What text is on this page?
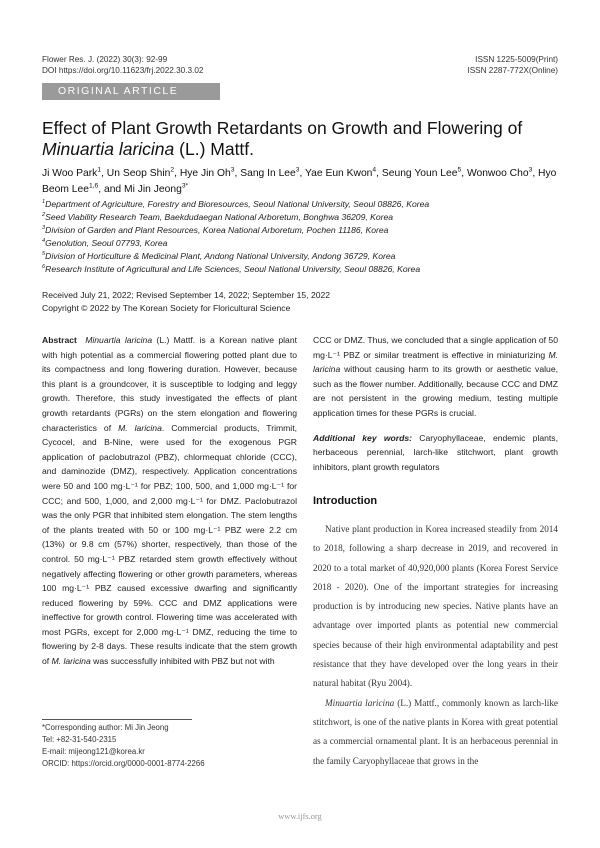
Flower Res. J. (2022) 30(3): 92-99
DOI https://doi.org/10.11623/frj.2022.30.3.02
ISSN 1225-5009(Print)
ISSN 2287-772X(Online)
ORIGINAL ARTICLE
Effect of Plant Growth Retardants on Growth and Flowering of
Minuartia laricina (L.) Mattf.
Ji Woo Park$^1$, Un Seop Shin$^2$, Hye Jin Oh$^3$, Sang In Lee$^3$, Yae Eun Kwon$^4$, Seung Youn Lee$^5$, Wonwoo Cho$^3$, Hyo Beom Lee$^{1,6}$, and Mi Jin Jeong$^{3*}$
$^1$Department of Agriculture, Forestry and Bioresources, Seoul National University, Seoul 08826, Korea
$^2$Seed Viability Research Team, Baekdudaegan National Arboretum, Bonghwa 36209, Korea
$^3$Division of Garden and Plant Resources, Korea National Arboretum, Pochen 11186, Korea
$^4$Genolution, Seoul 07793, Korea
$^5$Division of Horticulture & Medicinal Plant, Andong National University, Andong 36729, Korea
$^6$Research Institute of Agricultural and Life Sciences, Seoul National University, Seoul 08826, Korea
Received July 21, 2022; Revised September 14, 2022; September 15, 2022
Copyright © 2022 by The Korean Society for Floricultural Science
Abstract Minuartia laricina (L.) Mattf. is a Korean native plant with high potential as a commercial flowering potted plant due to its compactness and long flowering duration. However, because this plant is a groundcover, it is susceptible to lodging and leggy growth. Therefore, this study investigated the effects of plant growth retardants (PGRs) on the stem elongation and flowering characteristics of M. laricina. Commercial products, Trimmit, Cycocel, and B-Nine, were used for the exogenous PGR application of paclobutrazol (PBZ), chlormequat chloride (CCC), and daminozide (DMZ), respectively. Application concentrations were 50 and 100 mg·L⁻¹ for PBZ; 100, 500, and 1,000 mg·L⁻¹ for CCC; and 500, 1,000, and 2,000 mg·L⁻¹ for DMZ. Paclobutrazol was the only PGR that inhibited stem elongation. The stem lengths of the plants treated with 50 or 100 mg·L⁻¹ PBZ were 2.2 cm (13%) or 9.8 cm (57%) shorter, respectively, than those of the control. 50 mg·L⁻¹ PBZ retarded stem growth effectively without negatively affecting flowering or other growth parameters, whereas 100 mg·L⁻¹ PBZ caused excessive dwarfing and significantly reduced flowering by 59%. CCC and DMZ applications were ineffective for growth control. Flowering time was accelerated with most PGRs, except for 2,000 mg·L⁻¹ DMZ, reducing the time to flowering by 2-8 days. These results indicate that the stem growth of M. laricina was successfully inhibited with PBZ but not with
CCC or DMZ. Thus, we concluded that a single application of 50 mg·L⁻¹ PBZ or similar treatment is effective in miniaturizing M. laricina without causing harm to its growth or aesthetic value, such as the flower number. Additionally, because CCC and DMZ are not persistent in the growing medium, testing multiple application times for these PGRs is crucial.
Additional key words: Caryophyllaceae, endemic plants, herbaceous perennial, larch-like stitchwort, plant growth inhibitors, plant growth regulators
Introduction

Native plant production in Korea increased steadily from 2014 to 2018, following a sharp decrease in 2019, and recovered in 2020 to a total market of 40,920,000 plants (Korea Forest Service 2018 - 2020). One of the important strategies for increasing production is by introducing new species. Native plants have an advantage over imported plants as potential new commercial species because of their high environmental adaptability and pest resistance that they have developed over the long years in their natural habitat (Ryu 2004).

Minuartia laricina (L.) Mattf., commonly known as larch-like stitchwort, is one of the native plants in Korea with great potential as a commercial ornamental plant. It is an herbaceous perennial in the family Caryophyllaceae that grows in the

*Corresponding author: Mi Jin Jeong
Tel: +82-31-540-2315
E-mail: mijeong121@korea.kr
ORCID: https://orcid.org/0000-0001-8774-2266
www.ijfs.org
